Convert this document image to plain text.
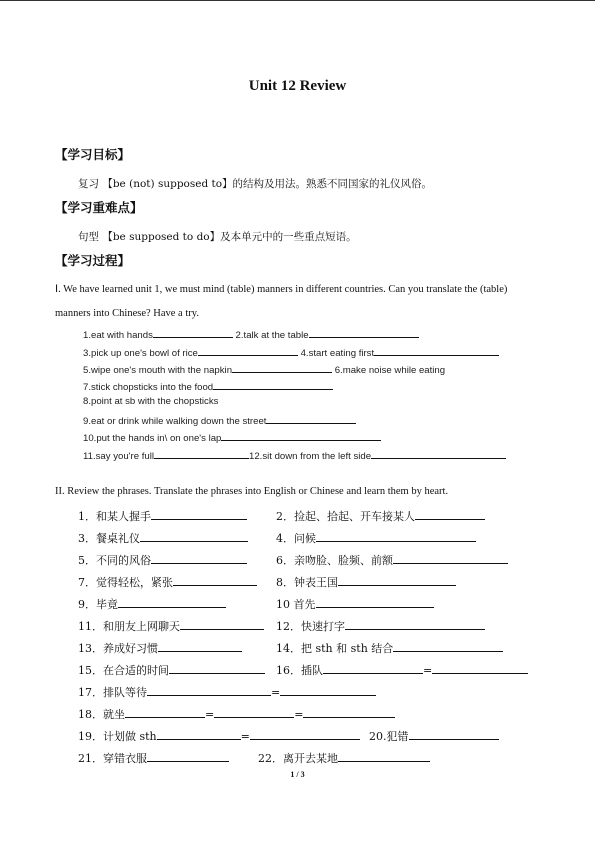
Unit 12 Review
【学习目标】
复习 【be (not) supposed to】的结构及用法。熟悉不同国家的礼仪风俗。
【学习重难点】
句型 【be supposed to do】及本单元中的一些重点短语。
【学习过程】
Ⅰ. We have learned unit 1, we must mind (table) manners in different countries. Can you translate the (table) manners into Chinese? Have a try.
1.eat with hands	2.talk at the table
3.pick up one's bowl of rice	4.start eating first
5.wipe one's mouth with the napkin	6.make noise while eating
7.stick chopsticks into the food
8.point at sb with the chopsticks
9.eat or drink while walking down the street
10.put the hands in\ on one's lap
11.say you're full	12.sit down from the left side
II. Review the phrases. Translate the phrases into English or Chinese and learn them by heart.
1．和某人握手	2．捡起、拾起、开车接某人
3．餐桌礼仪	4．问候
5．不同的风俗	6．亲吻脸、脸频、前额
7．觉得轻松，紧张	8．钟表王国
9．毕竟	10 首先
11．和朋友上网聊天	12．快速打字
13．养成好习惯	14．把 sth 和 sth 结合
15．在合适的时间	16．插队	=
17．排队等待	=
18．就坐	=	=
19．计划做 sth	=	20.犯错
21．穿错衣服	22．离开去某地
1 / 3
